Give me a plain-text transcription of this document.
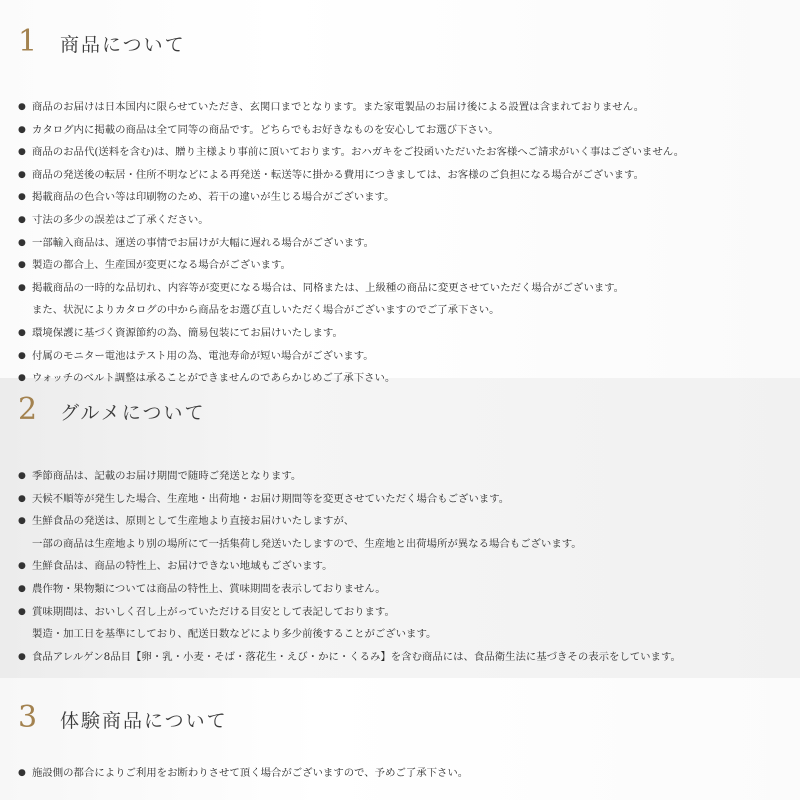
1	商品について
● 商品のお届けは日本国内に限らせていただき、玄関口までとなります。また家電製品のお届け後による設置は含まれておりません。
● カタログ内に掲載の商品は全て同等の商品です。どちらでもお好きなものを安心してお選び下さい。
● 商品のお品代(送料を含む)は、贈り主様より事前に頂いております。おハガキをご投函いただいたお客様へご請求がいく事はございません。
● 商品の発送後の転居・住所不明などによる再発送・転送等に掛かる費用につきましては、お客様のご負担になる場合がございます。
● 掲載商品の色合い等は印刷物のため、若干の違いが生じる場合がございます。
● 寸法の多少の誤差はご了承ください。
● 一部輸入商品は、運送の事情でお届けが大幅に遅れる場合がございます。
● 製造の都合上、生産国が変更になる場合がございます。
● 掲載商品の一時的な品切れ、内容等が変更になる場合は、同格または、上級種の商品に変更させていただく場合がございます。
また、状況によりカタログの中から商品をお選び直しいただく場合がございますのでご了承下さい。
● 環境保護に基づく資源節約の為、簡易包装にてお届けいたします。
● 付属のモニター電池はテスト用の為、電池寿命が短い場合がございます。
● ウォッチのベルト調整は承ることができませんのであらかじめご了承下さい。
2	グルメについて
● 季節商品は、記載のお届け期間で随時ご発送となります。
● 天候不順等が発生した場合、生産地・出荷地・お届け期間等を変更させていただく場合もございます。
● 生鮮食品の発送は、原則として生産地より直接お届けいたしますが、
一部の商品は生産地より別の場所にて一括集荷し発送いたしますので、生産地と出荷場所が異なる場合もございます。
● 生鮮食品は、商品の特性上、お届けできない地域もございます。
● 農作物・果物類については商品の特性上、賞味期間を表示しておりません。
● 賞味期間は、おいしく召し上がっていただける目安として表記しております。
製造・加工日を基準にしており、配送日数などにより多少前後することがございます。
● 食品アレルゲン8品目【卵・乳・小麦・そば・落花生・えび・かに・くるみ】を含む商品には、食品衛生法に基づきその表示をしています。
3	体験商品について
● 施設側の都合によりご利用をお断わりさせて頂く場合がございますので、予めご了承下さい。
